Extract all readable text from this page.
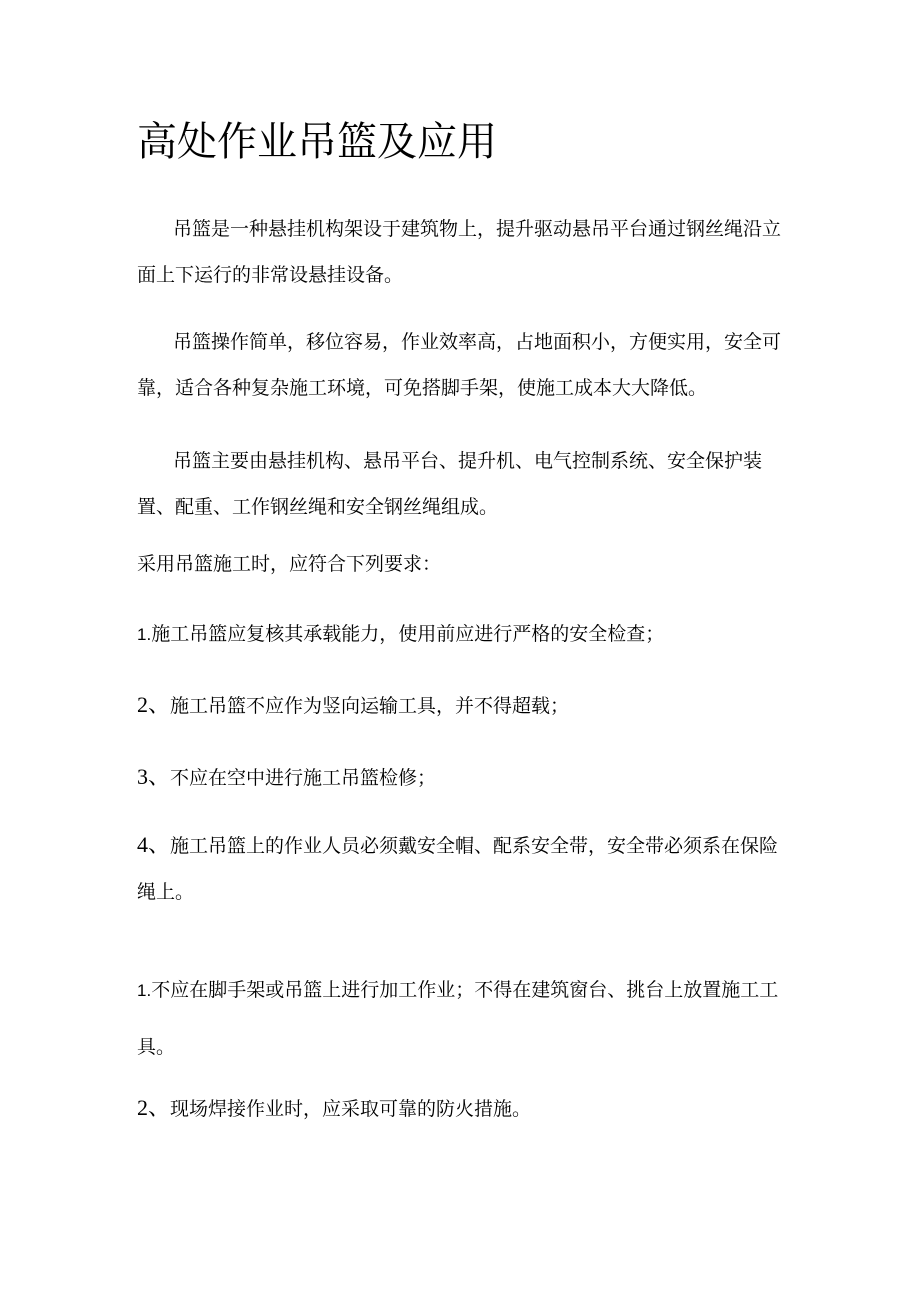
高处作业吊篮及应用

吊篮是一种悬挂机构架设于建筑物上，提升驱动悬吊平台通过钢丝绳沿立面上下运行的非常设悬挂设备。

吊篮操作简单，移位容易，作业效率高，占地面积小，方便实用，安全可靠，适合各种复杂施工环境，可免搭脚手架，使施工成本大大降低。

吊篮主要由悬挂机构、悬吊平台、提升机、电气控制系统、安全保护装置、配重、工作钢丝绳和安全钢丝绳组成。

采用吊篮施工时，应符合下列要求：

1.施工吊篮应复核其承载能力，使用前应进行严格的安全检查；

2、施工吊篮不应作为竖向运输工具，并不得超载；

3、不应在空中进行施工吊篮检修；

4、施工吊篮上的作业人员必须戴安全帽、配系安全带，安全带必须系在保险绳上。

1.不应在脚手架或吊篮上进行加工作业；不得在建筑窗台、挑台上放置施工工具。

2、现场焊接作业时，应采取可靠的防火措施。
